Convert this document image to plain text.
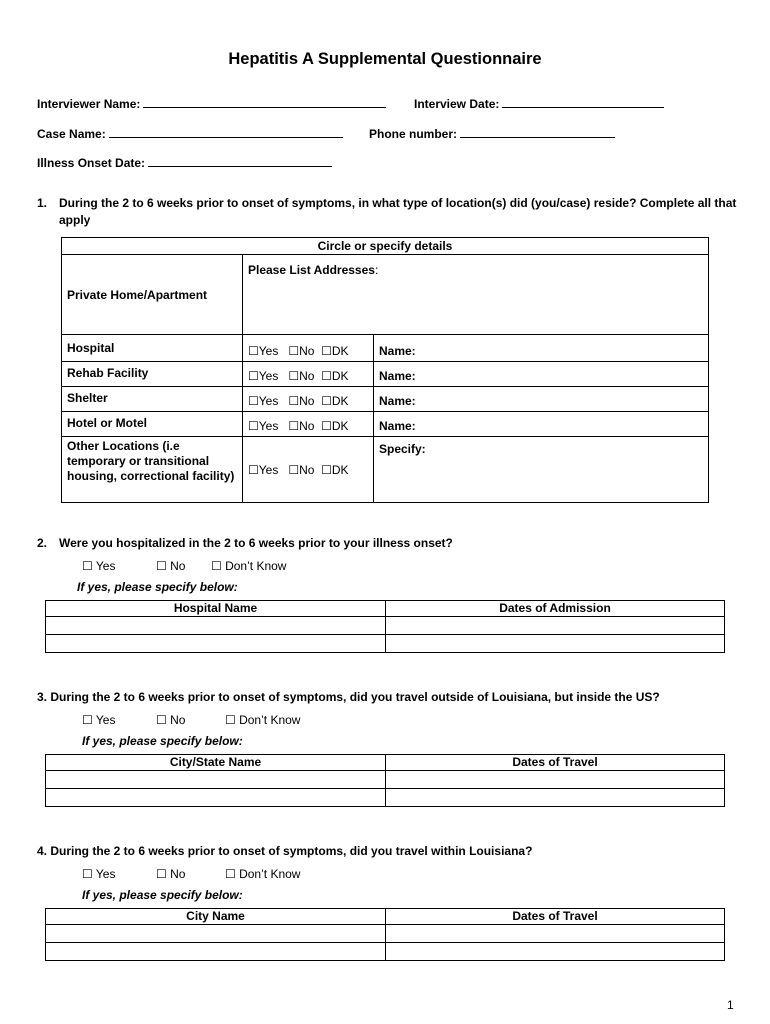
Hepatitis A Supplemental Questionnaire
Interviewer Name:	Interview Date:
Case Name:	Phone number:
Illness Onset Date:
1. During the 2 to 6 weeks prior to onset of symptoms, in what type of location(s) did (you/case) reside? Complete all that apply
Circle or specify details		
Private Home/Apartment	Please List Addresses:	
Hospital	☐Yes   ☐No  ☐DK	Name:
Rehab Facility	☐Yes   ☐No  ☐DK	Name:
Shelter	☐Yes   ☐No  ☐DK	Name:
Hotel or Motel	☐Yes   ☐No  ☐DK	Name:
Other Locations (i.e temporary or transitional housing, correctional facility)	☐Yes   ☐No  ☐DK	Specify:
2. Were you hospitalized in the 2 to 6 weeks prior to your illness onset?
☐ Yes	☐ No ☐ Don’t Know
If yes, please specify below:
Hospital Name	Dates of Admission

3. During the 2 to 6 weeks prior to onset of symptoms, did you travel outside of Louisiana, but inside the US?
☐ Yes	☐ No	☐ Don’t Know
If yes, please specify below:
City/State Name	Dates of Travel

4. During the 2 to 6 weeks prior to onset of symptoms, did you travel within Louisiana?
☐ Yes	☐ No	☐ Don’t Know
If yes, please specify below:
City Name	Dates of Travel

1
